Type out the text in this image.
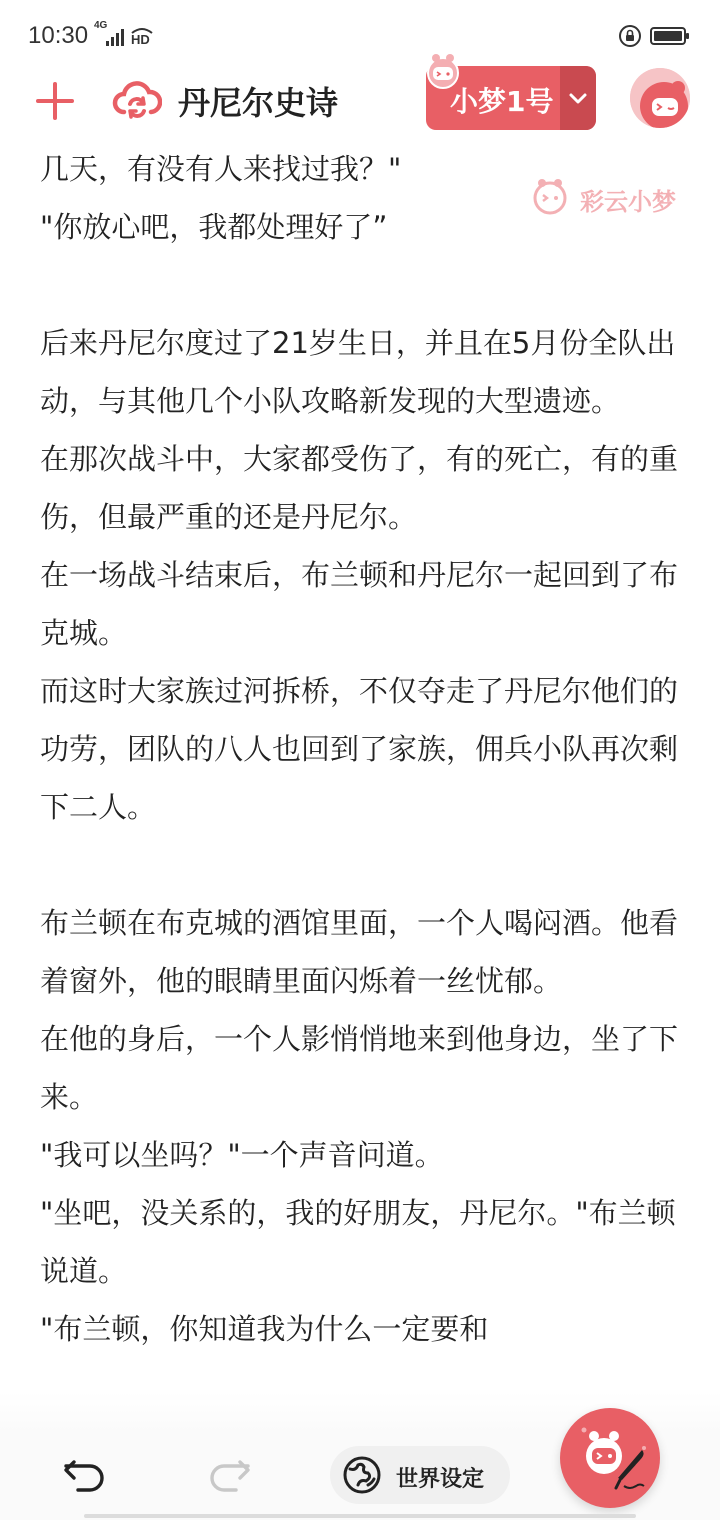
10:30 4G
HD
丹尼尔史诗	小梦1号
彩云小梦

几天，有没有人来找过我？"

"你放心吧，我都处理好了”

后来丹尼尔度过了21岁生日，并且在5月份全队出动，与其他几个小队攻略新发现的大型遗迹。

在那次战斗中，大家都受伤了，有的死亡，有的重伤，但最严重的还是丹尼尔。

在一场战斗结束后，布兰顿和丹尼尔一起回到了布克城。

而这时大家族过河拆桥，不仅夺走了丹尼尔他们的功劳，团队的八人也回到了家族，佣兵小队再次剩下二人。

布兰顿在布克城的酒馆里面，一个人喝闷酒。他看着窗外，他的眼睛里面闪烁着一丝忧郁。

在他的身后，一个人影悄悄地来到他身边，坐了下来。

"我可以坐吗？"一个声音问道。

"坐吧，没关系的，我的好朋友，丹尼尔。"布兰顿说道。

"布兰顿，你知道我为什么一定要和

世界设定
